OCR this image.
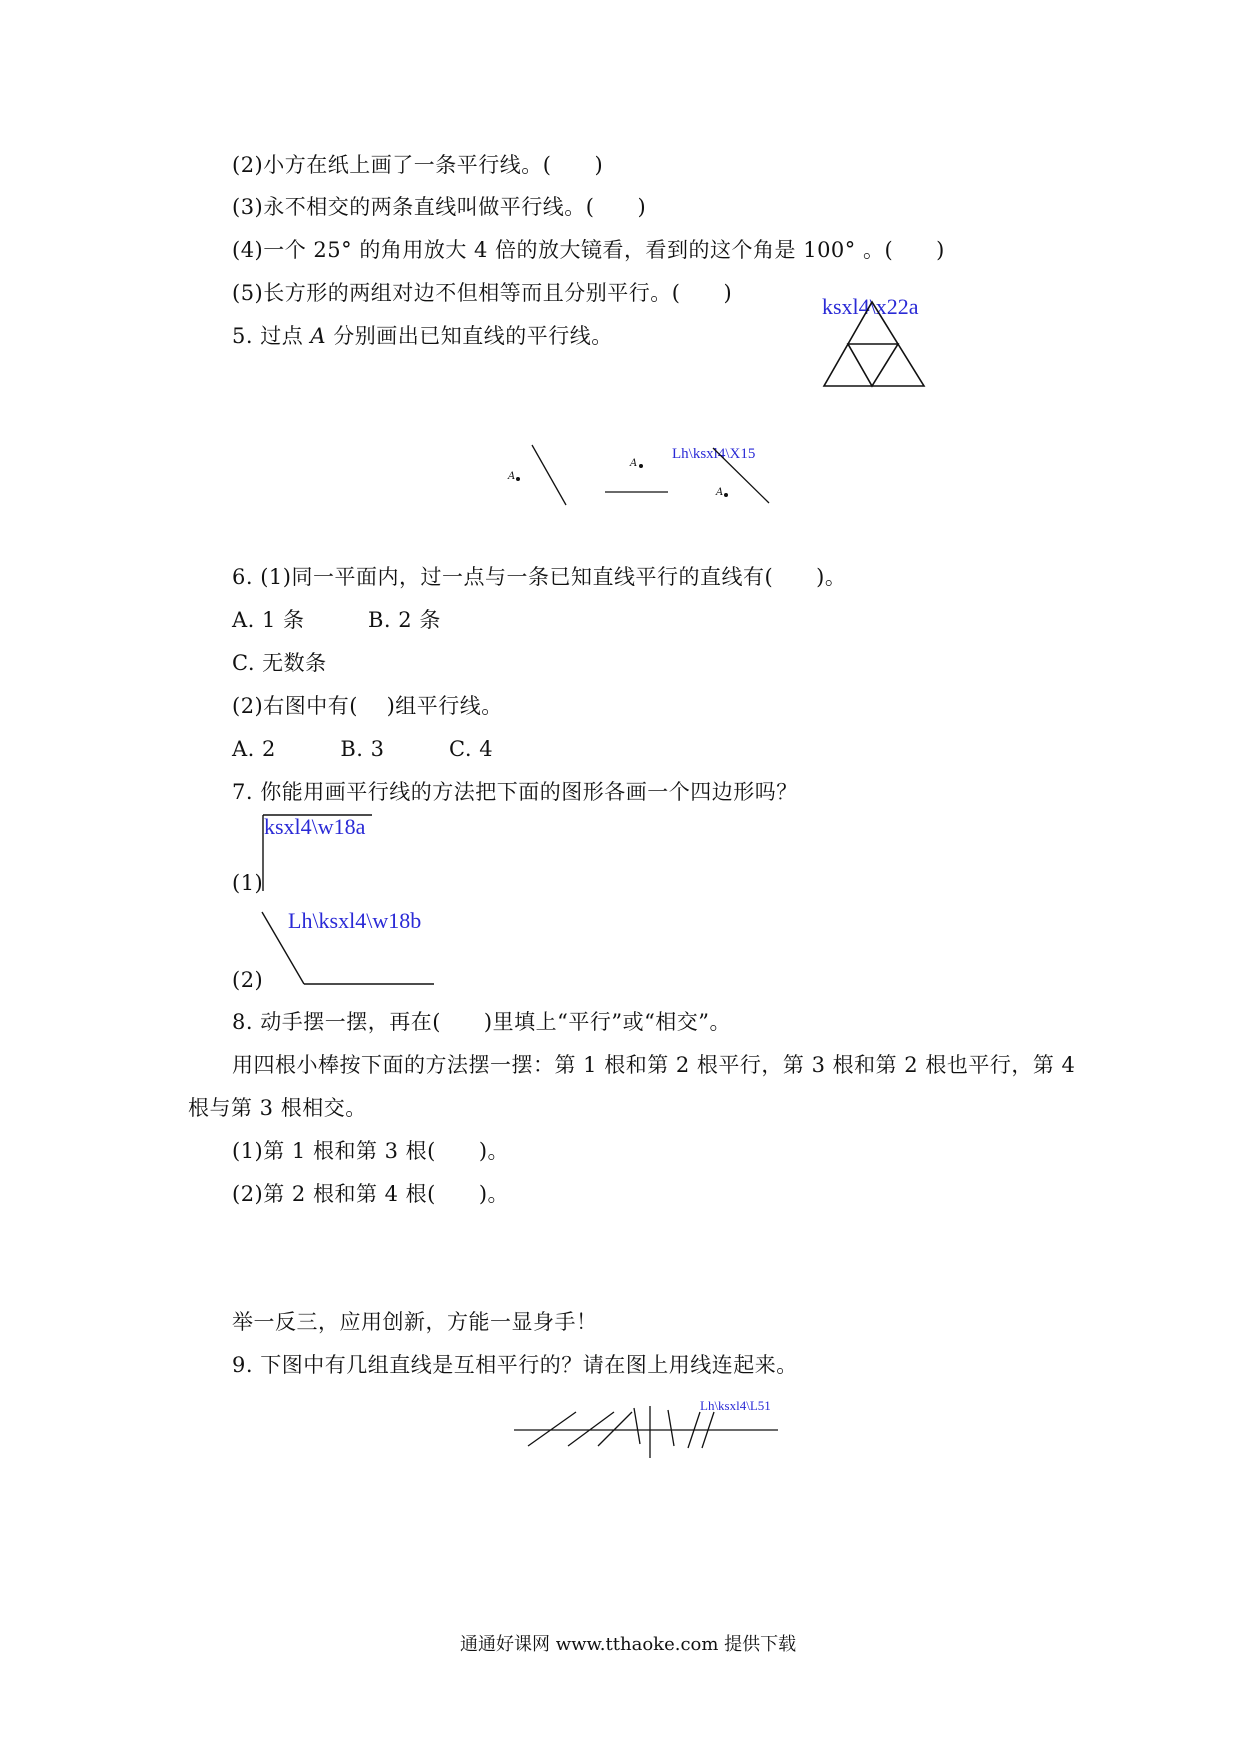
(2)小方在纸上画了一条平行线。(　　)
(3)永不相交的两条直线叫做平行线。(　　)
(4)一个 25° 的角用放大 4 倍的放大镜看，看到的这个角是 100° 。(　　)
(5)长方形的两组对边不但相等而且分别平行。(　　)
5. 过点 A 分别画出已知直线的平行线。
ksxl4\x22a
Lh\ksxl4\X15
A
A
A
6. (1)同一平面内，过一点与一条已知直线平行的直线有(　　)。
A. 1 条	B. 2 条
C. 无数条
(2)右图中有(　 )组平行线。
A. 2　　　B. 3　　　C. 4
7. 你能用画平行线的方法把下面的图形各画一个四边形吗？
ksxl4\w18a
(1)
Lh\ksxl4\w18b
(2)
8. 动手摆一摆，再在(　　)里填上“平行”或“相交”。
用四根小棒按下面的方法摆一摆：第 1 根和第 2 根平行，第 3 根和第 2 根也平行，第 4
根与第 3 根相交。
(1)第 1 根和第 3 根(　　)。
(2)第 2 根和第 4 根(　　)。
举一反三，应用创新，方能一显身手！
9. 下图中有几组直线是互相平行的？请在图上用线连起来。
Lh\ksxl4\L51
通通好课网 www.tthaoke.com 提供下载
